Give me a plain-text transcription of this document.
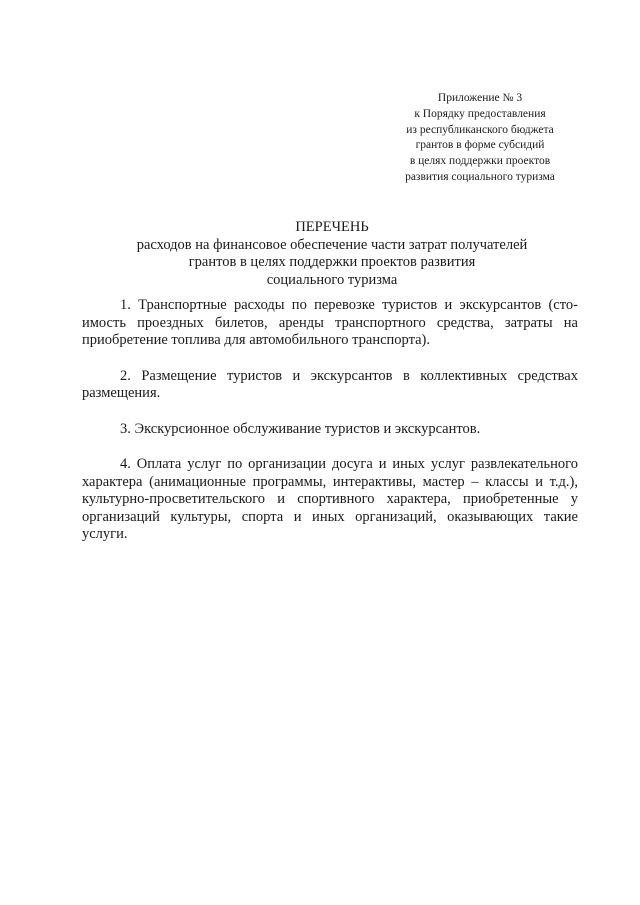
Приложение № 3
к Порядку предоставления
из республиканского бюджета
грантов в форме субсидий
в целях поддержки проектов
развития социального туризма
ПЕРЕЧЕНЬ
расходов на финансовое обеспечение части затрат получателей
грантов в целях поддержки проектов развития
социального туризма

1. Транспортные расходы по перевозке туристов и экскурсантов (стоимость проездных билетов, аренды транспортного средства, затраты на приобретение топлива для автомобильного транспорта).

2. Размещение туристов и экскурсантов в коллективных средствах размещения.

3. Экскурсионное обслуживание туристов и экскурсантов.

4. Оплата услуг по организации досуга и иных услуг развлекательного характера (анимационные программы, интерактивы, мастер – классы и т.д.), культурно-просветительского и спортивного характера, приобретенные у организаций культуры, спорта и иных организаций, оказывающих такие услуги.
